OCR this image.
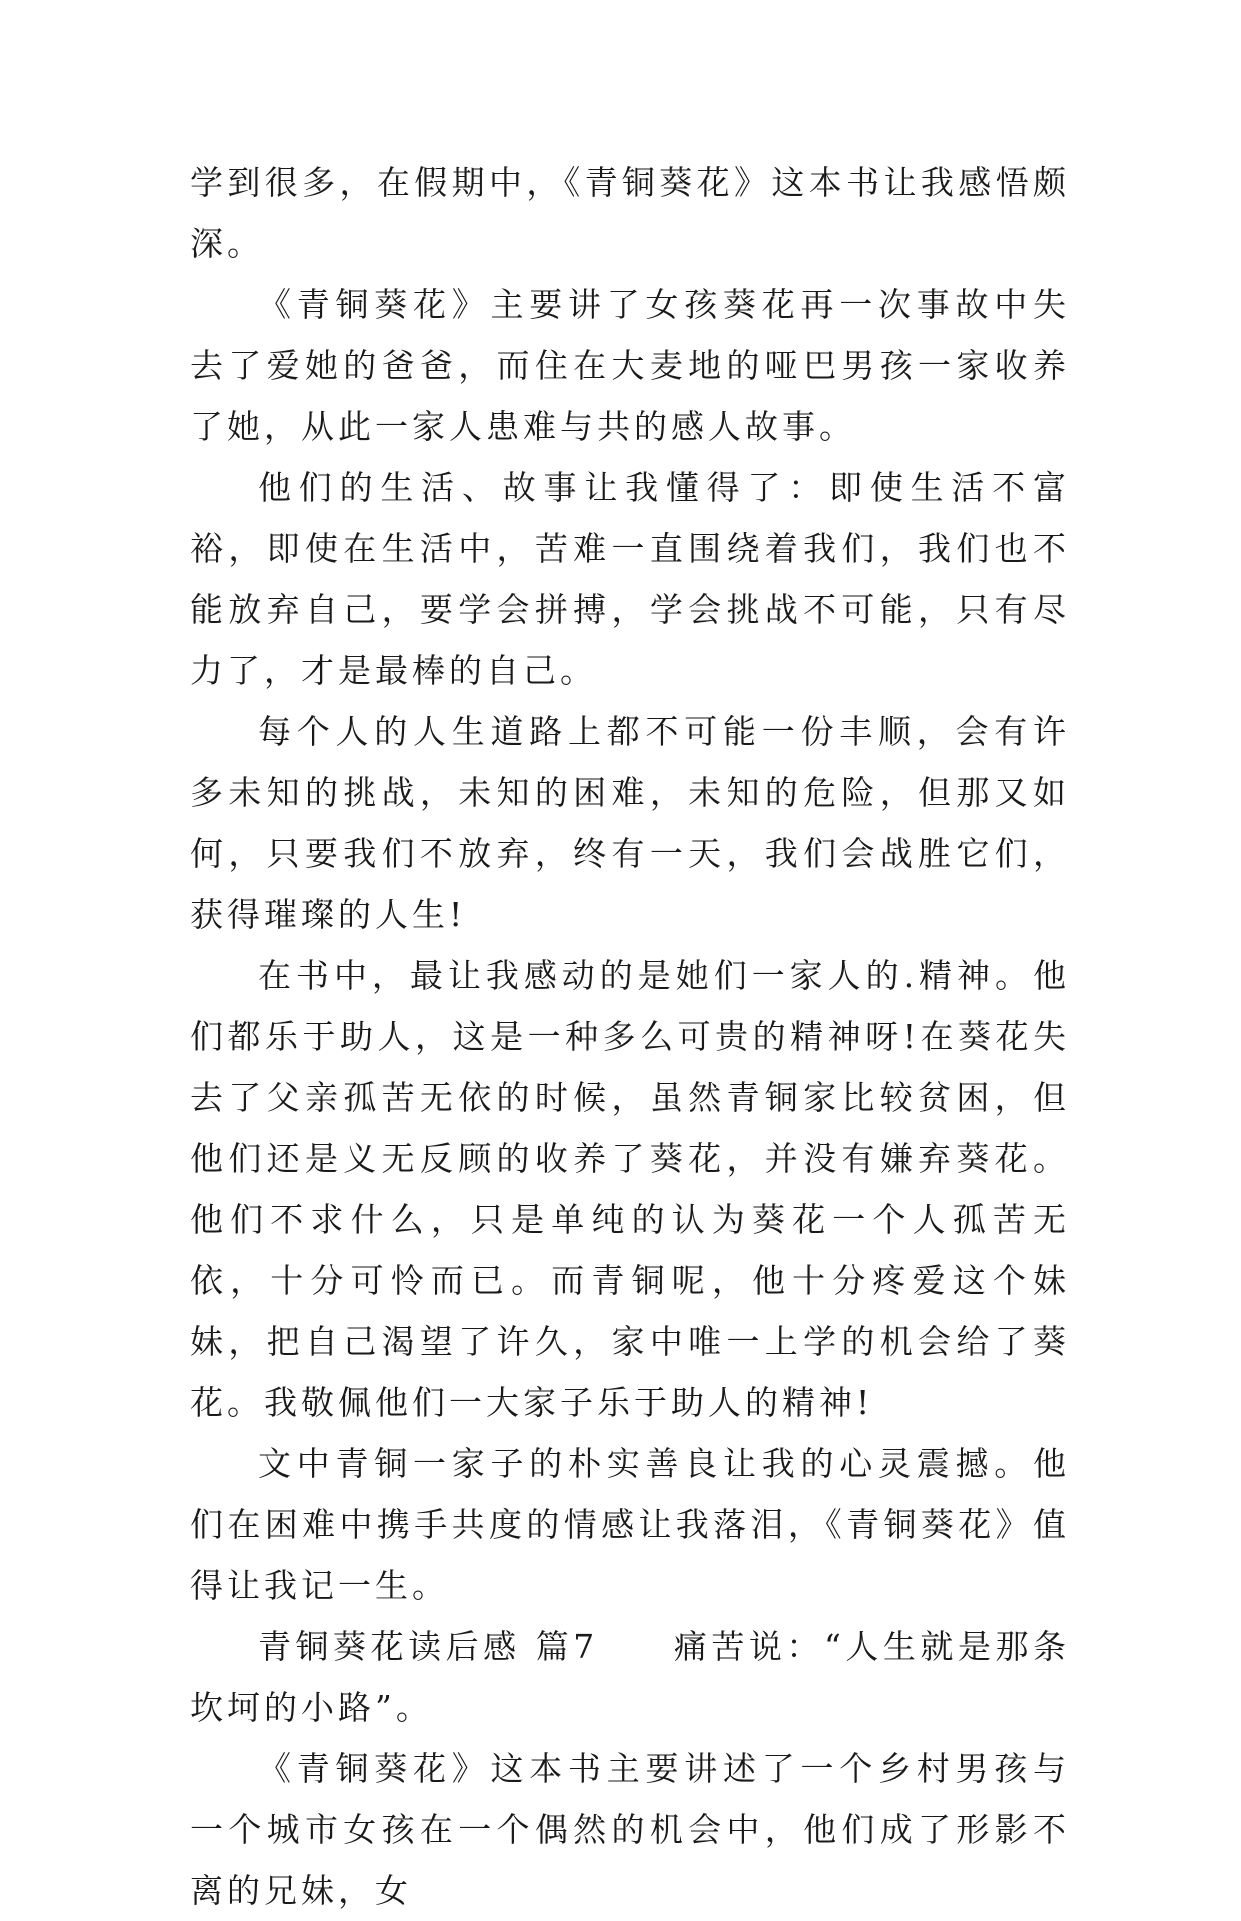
学到很多，在假期中，《青铜葵花》这本书让我感悟颇深。

《青铜葵花》主要讲了女孩葵花再一次事故中失去了爱她的爸爸，而住在大麦地的哑巴男孩一家收养了她，从此一家人患难与共的感人故事。

他们的生活、故事让我懂得了：即使生活不富裕，即使在生活中，苦难一直围绕着我们，我们也不能放弃自己，要学会拼搏，学会挑战不可能，只有尽力了，才是最棒的自己。

每个人的人生道路上都不可能一份丰顺，会有许多未知的挑战，未知的困难，未知的危险，但那又如何，只要我们不放弃，终有一天，我们会战胜它们，获得璀璨的人生!

在书中，最让我感动的是她们一家人的.精神。他们都乐于助人，这是一种多么可贵的精神呀!在葵花失去了父亲孤苦无依的时候，虽然青铜家比较贫困，但他们还是义无反顾的收养了葵花，并没有嫌弃葵花。他们不求什么，只是单纯的认为葵花一个人孤苦无依，十分可怜而已。而青铜呢，他十分疼爱这个妹妹，把自己渴望了许久，家中唯一上学的机会给了葵花。我敬佩他们一大家子乐于助人的精神!

文中青铜一家子的朴实善良让我的心灵震撼。他们在困难中携手共度的情感让我落泪，《青铜葵花》值得让我记一生。

青铜葵花读后感 篇7　　痛苦说：“人生就是那条坎坷的小路”。

《青铜葵花》这本书主要讲述了一个乡村男孩与一个城市女孩在一个偶然的机会中，他们成了形影不离的兄妹，女
